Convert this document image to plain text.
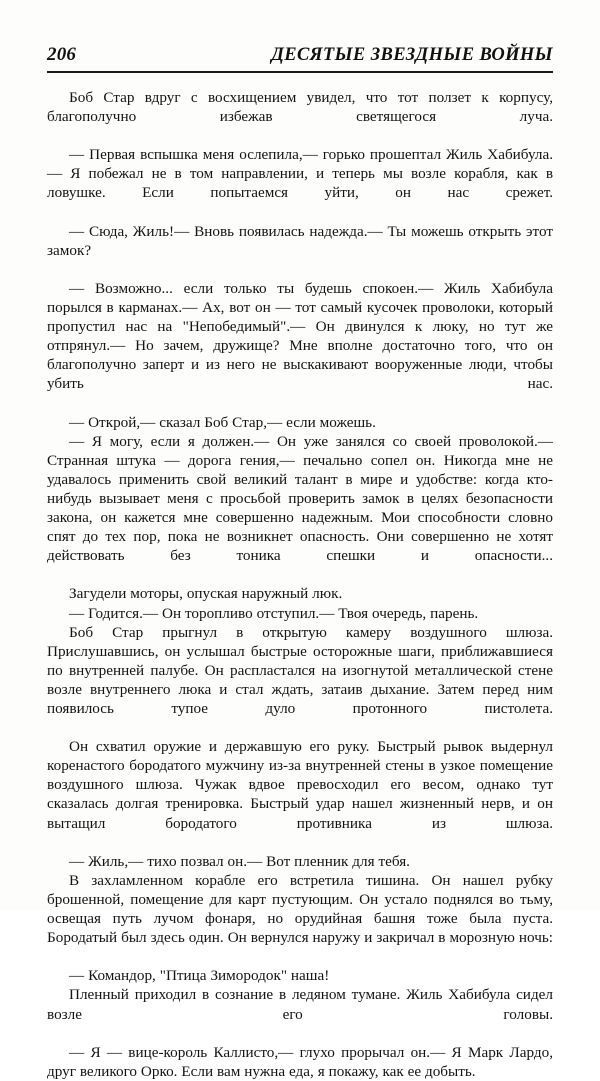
206	ДЕСЯТЫЕ ЗВЕЗДНЫЕ ВОЙНЫ

Боб Стар вдруг с восхищением увидел, что тот ползет к корпусу, благополучно избежав светящегося луча.

— Первая вспышка меня ослепила,— горько прошептал Жиль Хабибула.— Я побежал не в том направлении, и теперь мы возле корабля, как в ловушке. Если попытаемся уйти, он нас срежет.

— Сюда, Жиль!— Вновь появилась надежда.— Ты можешь открыть этот замок?

— Возможно... если только ты будешь спокоен.— Жиль Хабибула порылся в карманах.— Ах, вот он — тот самый кусочек проволоки, который пропустил нас на "Непобедимый".— Он двинулся к люку, но тут же отпрянул.— Но зачем, дружище? Мне вполне достаточно того, что он благополучно заперт и из него не выскакивают вооруженные люди, чтобы убить нас.

— Открой,— сказал Боб Стар,— если можешь.

— Я могу, если я должен.— Он уже занялся со своей проволокой.— Странная штука — дорога гения,— печально сопел он. Никогда мне не удавалось применить свой великий талант в мире и удобстве: когда кто-нибудь вызывает меня с просьбой проверить замок в целях безопасности закона, он кажется мне совершенно надежным. Мои способности словно спят до тех пор, пока не возникнет опасность. Они совершенно не хотят действовать без тоника спешки и опасности...

Загудели моторы, опуская наружный люк.

— Годится.— Он торопливо отступил.— Твоя очередь, парень.

Боб Стар прыгнул в открытую камеру воздушного шлюза. Прислушавшись, он услышал быстрые осторожные шаги, приближавшиеся по внутренней палубе. Он распластался на изогнутой металлической стене возле внутреннего люка и стал ждать, затаив дыхание. Затем перед ним появилось тупое дуло протонного пистолета.

Он схватил оружие и державшую его руку. Быстрый рывок выдернул коренастого бородатого мужчину из-за внутренней стены в узкое помещение воздушного шлюза. Чужак вдвое превосходил его весом, однако тут сказалась долгая тренировка. Быстрый удар нашел жизненный нерв, и он вытащил бородатого противника из шлюза.

— Жиль,— тихо позвал он.— Вот пленник для тебя.

В захламленном корабле его встретила тишина. Он нашел рубку брошенной, помещение для карт пустующим. Он устало поднялся во тьму, освещая путь лучом фонаря, но орудийная башня тоже была пуста. Бородатый был здесь один. Он вернулся наружу и закричал в морозную ночь:

— Командор, "Птица Зимородок" наша!

Пленный приходил в сознание в ледяном тумане. Жиль Хабибула сидел возле его головы.

— Я — вице-король Каллисто,— глухо прорычал он.— Я Марк Лардо, друг великого Орко. Если вам нужна еда, я покажу, как ее добыть.
